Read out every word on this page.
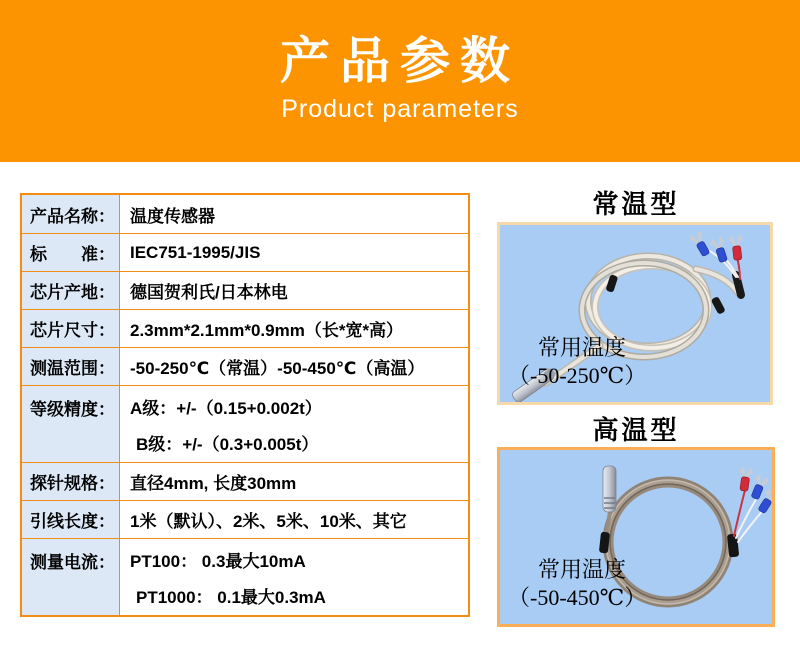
产品参数
Product parameters
产品名称： 温度传感器
标　　准： IEC751-1995/JIS
芯片产地： 德国贺利氏/日本林电
芯片尺寸： 2.3mm*2.1mm*0.9mm（长*宽*高）
测温范围： -50-250℃（常温）-50-450℃（高温）
等级精度： A级：+/-（0.15+0.002t）
B级：+/-（0.3+0.005t）
探针规格： 直径4mm, 长度30mm
引线长度： 1米（默认）、2米、5米、10米、其它
测量电流： PT100： 0.3最大10mA
PT1000： 0.1最大0.3mA
常温型
常用温度
（-50-250℃）
高温型
常用温度
（-50-450℃）
